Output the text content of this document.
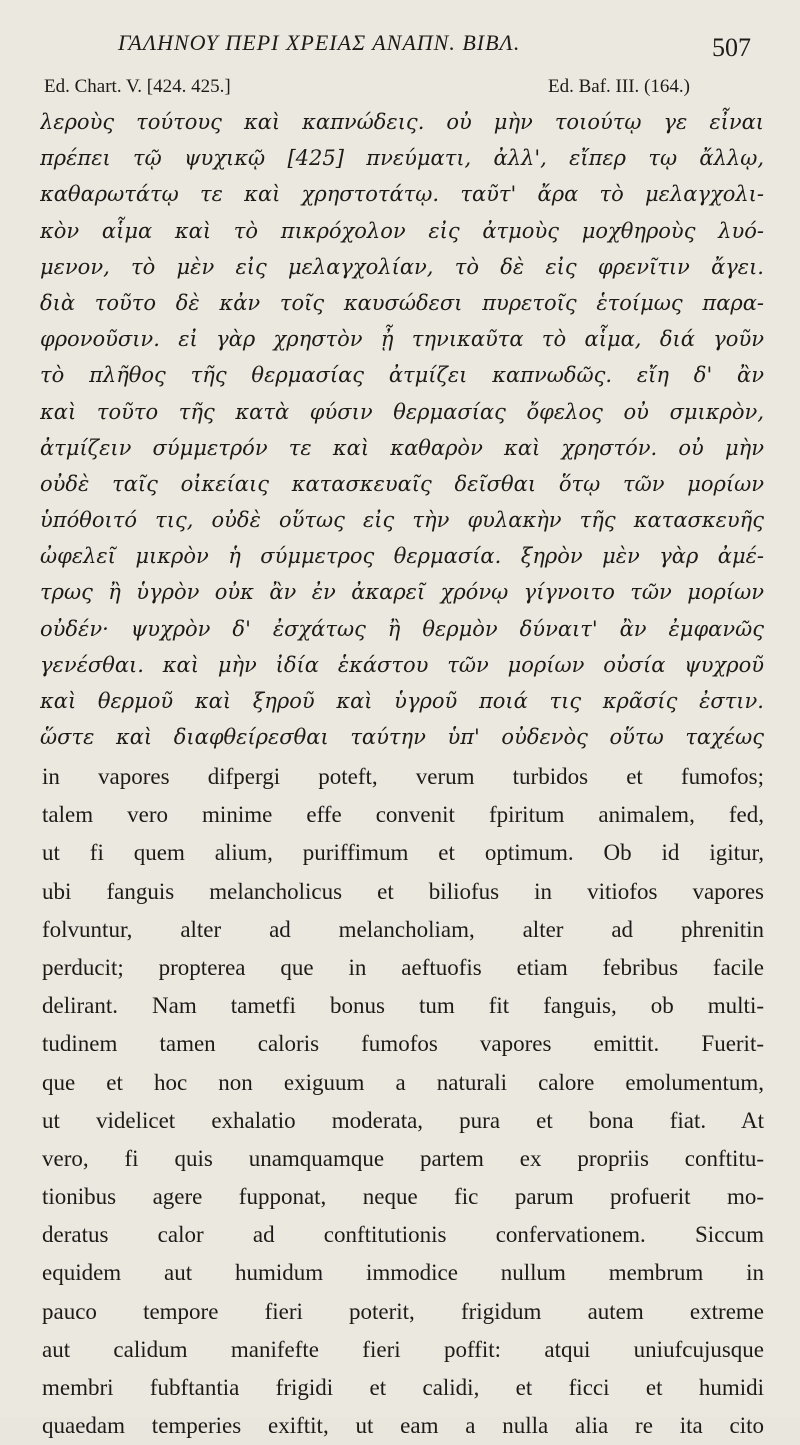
ΓΑΛΗΝΟΥ ΠΕΡΙ ΧΡΕΙΑΣ ΑΝΑΠΝ. ΒΙΒΛ.	507
Ed. Chart. V. [424. 425.]	Ed. Baf. III. (164.)
λεροὺς τούτους καὶ καπνώδεις. οὐ μὴν τοιούτῳ γε εἶναι
πρέπει τῷ ψυχικῷ [425] πνεύματι, ἀλλ', εἴπερ τῳ ἄλλῳ,
καθαρωτάτῳ τε καὶ χρηστοτάτῳ. ταῦτ' ἄρα τὸ μελαγχολι-
κὸν αἷμα καὶ τὸ πικρόχολον εἰς ἀτμοὺς μοχθηροὺς λυό-
μενον, τὸ μὲν εἰς μελαγχολίαν, τὸ δὲ εἰς φρενῖτιν ἄγει.
διὰ τοῦτο δὲ κἀν τοῖς καυσώδεσι πυρετοῖς ἑτοίμως παρα-
φρονοῦσιν. εἰ γὰρ χρηστὸν ᾖ τηνικαῦτα τὸ αἷμα, διά γοῦν
τὸ πλῆθος τῆς θερμασίας ἀτμίζει καπνωδῶς. εἴη δ' ἂν
καὶ τοῦτο τῆς κατὰ φύσιν θερμασίας ὄφελος οὐ σμικρὸν,
ἀτμίζειν σύμμετρόν τε καὶ καθαρὸν καὶ χρηστόν. οὐ μὴν
οὐδὲ ταῖς οἰκείαις κατασκευαῖς δεῖσθαι ὅτῳ τῶν μορίων
ὑπόθοιτό τις, οὐδὲ οὕτως εἰς τὴν φυλακὴν τῆς κατασκευῆς
ὠφελεῖ μικρὸν ἡ σύμμετρος θερμασία. ξηρὸν μὲν γὰρ ἀμέ-
τρως ἢ ὑγρὸν οὐκ ἂν ἐν ἀκαρεῖ χρόνῳ γίγνοιτο τῶν μορίων
οὐδέν· ψυχρὸν δ' ἐσχάτως ἢ θερμὸν δύναιτ' ἂν ἐμφανῶς
γενέσθαι. καὶ μὴν ἰδία ἑκάστου τῶν μορίων οὐσία ψυχροῦ
καὶ θερμοῦ καὶ ξηροῦ καὶ ὑγροῦ ποιά τις κρᾶσίς ἐστιν.
ὥστε καὶ διαφθείρεσθαι ταύτην ὑπ' οὐδενὸς οὕτω ταχέως
in vapores difpergi poteft, verum turbidos et fumofos;
talem vero minime effe convenit fpiritum animalem, fed,
ut fi quem alium, puriffimum et optimum. Ob id igitur,
ubi fanguis melancholicus et biliofus in vitiofos vapores
folvuntur, alter ad melancholiam, alter ad phrenitin
perducit; propterea que in aeftuofis etiam febribus facile
delirant. Nam tametfi bonus tum fit fanguis, ob multi-
tudinem tamen caloris fumofos vapores emittit. Fuerit-
que et hoc non exiguum a naturali calore emolumentum,
ut videlicet exhalatio moderata, pura et bona fiat. At
vero, fi quis unamquamque partem ex propriis conftitu-
tionibus agere fupponat, neque fic parum profuerit mo-
deratus calor ad conftitutionis confervationem. Siccum
equidem aut humidum immodice nullum membrum in
pauco tempore fieri poterit, frigidum autem extreme
aut calidum manifefte fieri poffit: atqui uniufcujusque
membri fubftantia frigidi et calidi, et ficci et humidi
quaedam temperies exiftit, ut eam a nulla alia re ita cito
